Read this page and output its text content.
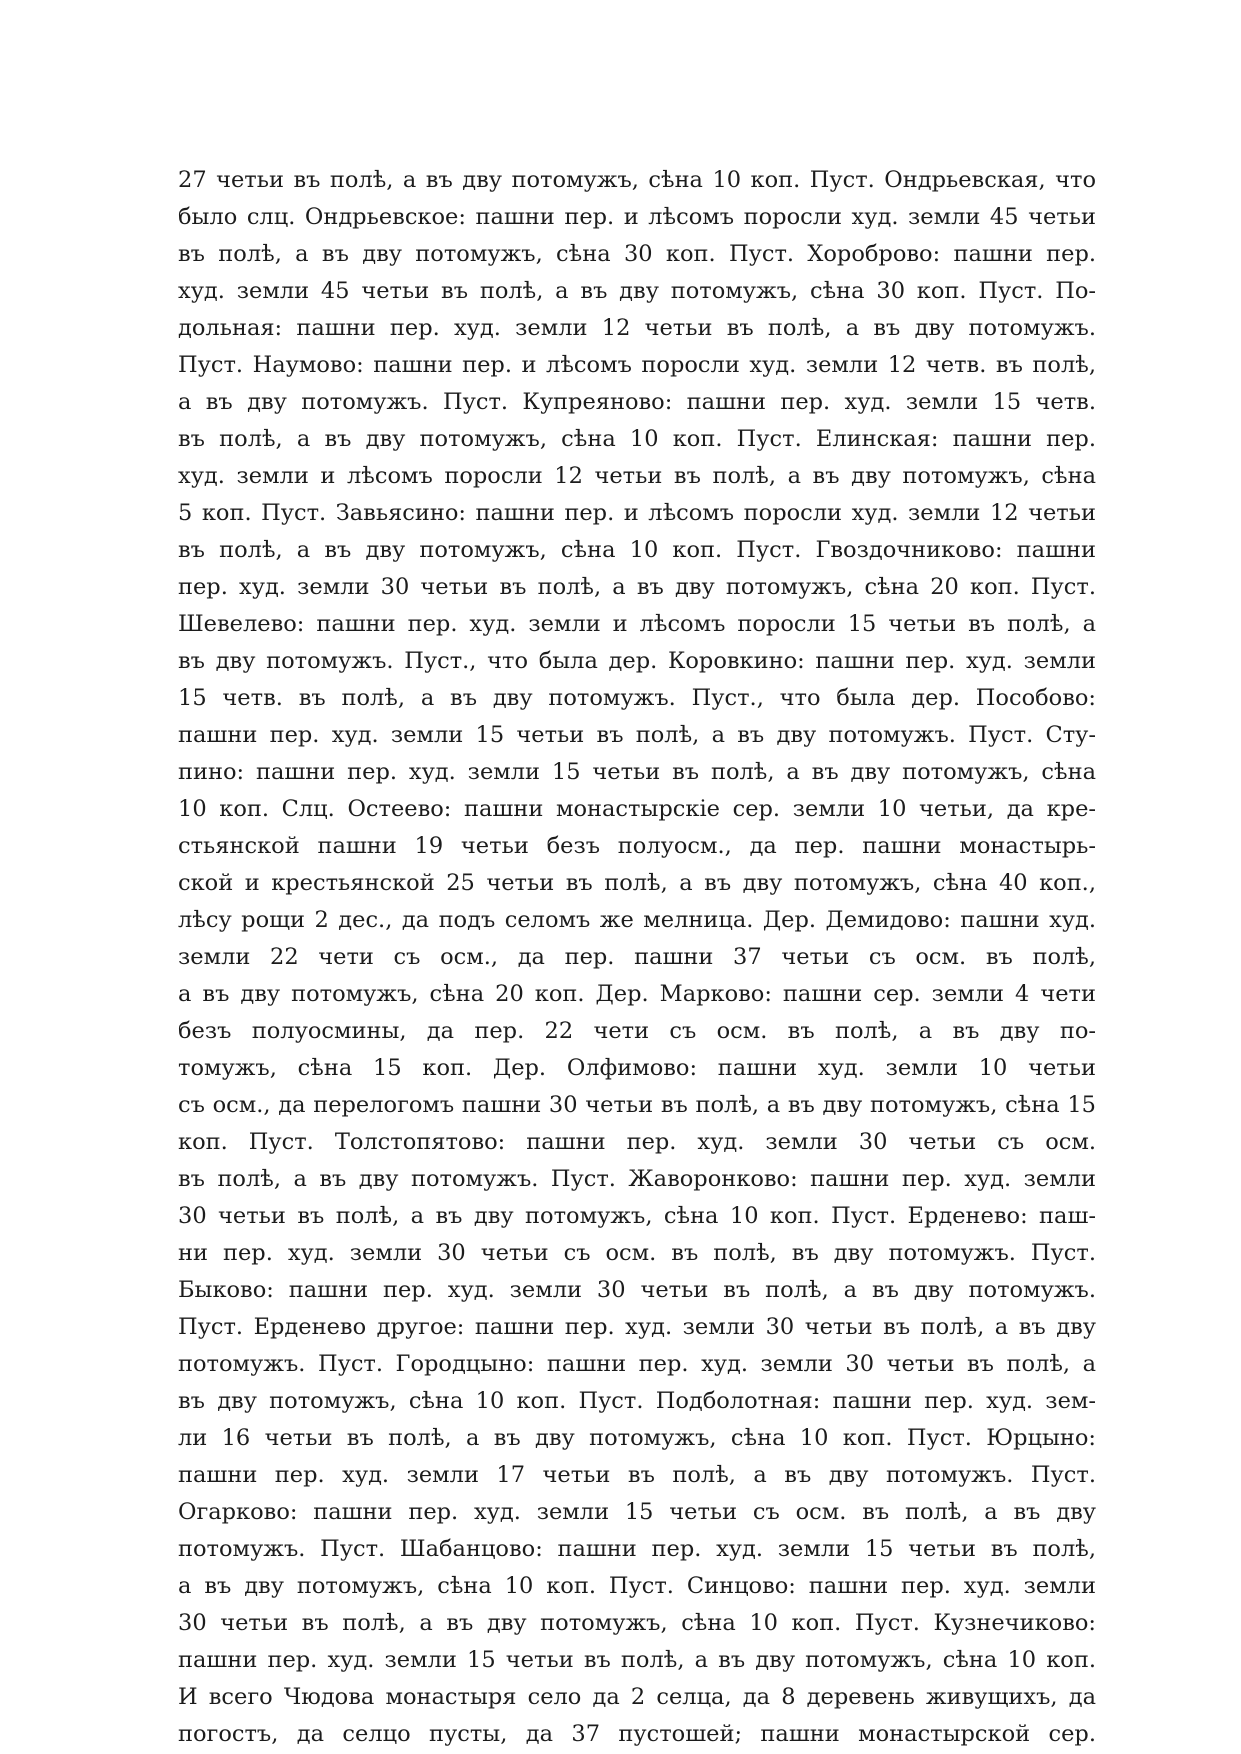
27 четьи въ полѣ, а въ дву потомужъ, сѣна 10 коп. Пуст. Ондрьевская, что
было слц. Ондрьевское: пашни пер. и лѣсомъ поросли худ. земли 45 четьи
въ полѣ, а въ дву потомужъ, сѣна 30 коп. Пуст. Хороброво: пашни пер.
худ. земли 45 четьи въ полѣ, а въ дву потомужъ, сѣна 30 коп. Пуст. По-
дольная: пашни пер. худ. земли 12 четьи въ полѣ, а въ дву потомужъ.
Пуст. Наумово: пашни пер. и лѣсомъ поросли худ. земли 12 четв. въ полѣ,
а въ дву потомужъ. Пуст. Купреяново: пашни пер. худ. земли 15 четв.
въ полѣ, а въ дву потомужъ, сѣна 10 коп. Пуст. Елинская: пашни пер.
худ. земли и лѣсомъ поросли 12 четьи въ полѣ, а въ дву потомужъ, сѣна
5 коп. Пуст. Завьясино: пашни пер. и лѣсомъ поросли худ. земли 12 четьи
въ полѣ, а въ дву потомужъ, сѣна 10 коп. Пуст. Гвоздочниково: пашни
пер. худ. земли 30 четьи въ полѣ, а въ дву потомужъ, сѣна 20 коп. Пуст.
Шевелево: пашни пер. худ. земли и лѣсомъ поросли 15 четьи въ полѣ, а
въ дву потомужъ. Пуст., что была дер. Коровкино: пашни пер. худ. земли
15 четв. въ полѣ, а въ дву потомужъ. Пуст., что была дер. Пособово:
пашни пер. худ. земли 15 четьи въ полѣ, а въ дву потомужъ. Пуст. Сту-
пино: пашни пер. худ. земли 15 четьи въ полѣ, а въ дву потомужъ, сѣна
10 коп. Слц. Остеево: пашни монастырскіе сер. земли 10 четьи, да кре-
стьянской пашни 19 четьи безъ полуосм., да пер. пашни монастырь-
ской и крестьянской 25 четьи въ полѣ, а въ дву потомужъ, сѣна 40 коп.,
лѣсу рощи 2 дес., да подъ селомъ же мелница. Дер. Демидово: пашни худ.
земли 22 чети съ осм., да пер. пашни 37 четьи съ осм. въ полѣ,
а въ дву потомужъ, сѣна 20 коп. Дер. Марково: пашни сер. земли 4 чети
безъ полуосмины, да пер. 22 чети съ осм. въ полѣ, а въ дву по-
томужъ, сѣна 15 коп. Дер. Олфимово: пашни худ. земли 10 четьи
съ осм., да перелогомъ пашни 30 четьи въ полѣ, а въ дву потомужъ, сѣна 15
коп. Пуст. Толстопятово: пашни пер. худ. земли 30 четьи съ осм.
въ полѣ, а въ дву потомужъ. Пуст. Жаворонково: пашни пер. худ. земли
30 четьи въ полѣ, а въ дву потомужъ, сѣна 10 коп. Пуст. Ерденево: паш-
ни пер. худ. земли 30 четьи съ осм. въ полѣ, въ дву потомужъ. Пуст.
Быково: пашни пер. худ. земли 30 четьи въ полѣ, а въ дву потомужъ.
Пуст. Ерденево другое: пашни пер. худ. земли 30 четьи въ полѣ, а въ дву
потомужъ. Пуст. Городцыно: пашни пер. худ. земли 30 четьи въ полѣ, а
въ дву потомужъ, сѣна 10 коп. Пуст. Подболотная: пашни пер. худ. зем-
ли 16 четьи въ полѣ, а въ дву потомужъ, сѣна 10 коп. Пуст. Юрцыно:
пашни пер. худ. земли 17 четьи въ полѣ, а въ дву потомужъ. Пуст.
Огарково: пашни пер. худ. земли 15 четьи съ осм. въ полѣ, а въ дву
потомужъ. Пуст. Шабанцово: пашни пер. худ. земли 15 четьи въ полѣ,
а въ дву потомужъ, сѣна 10 коп. Пуст. Синцово: пашни пер. худ. земли
30 четьи въ полѣ, а въ дву потомужъ, сѣна 10 коп. Пуст. Кузнечиково:
пашни пер. худ. земли 15 четьи въ полѣ, а въ дву потомужъ, сѣна 10 коп.
И всего Чюдова монастыря село да 2 селца, да 8 деревень живущихъ, да
погостъ, да селцо пусты, да 37 пустошей; пашни монастырской сер.
